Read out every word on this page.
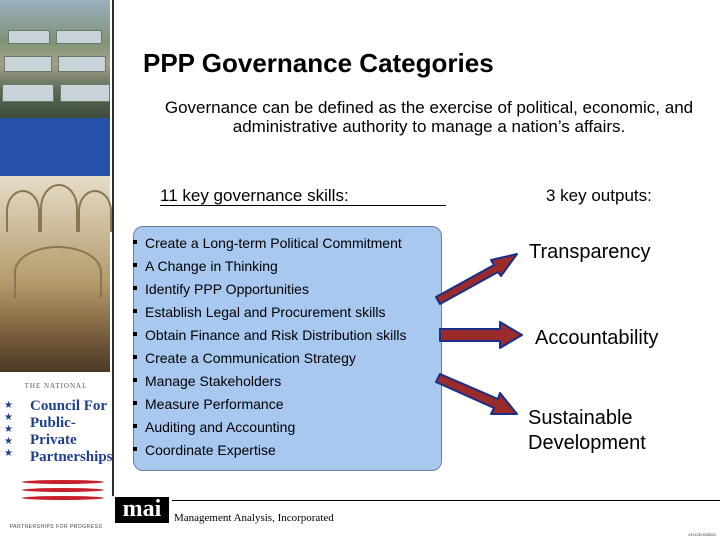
THE NATIONAL
★
★
★
★
★
Council For Public-Private Partnerships
PARTNERSHIPS FOR PROGRESS
PPP Governance Categories
Governance can be defined as the exercise of political, economic, and administrative authority to manage a nation’s affairs.
11 key governance skills:	3 key outputs:
Create a Long-term Political Commitment
A Change in Thinking
Identify PPP Opportunities
Establish Legal and Procurement skills
Obtain Finance and Risk Distribution skills
Create a Communication Strategy
Manage Stakeholders
Measure Performance
Auditing and Accounting
Coordinate Expertise
Transparency
Accountability
Sustainable Development
mai	Management Analysis, Incorporated
CH12E092B0G
